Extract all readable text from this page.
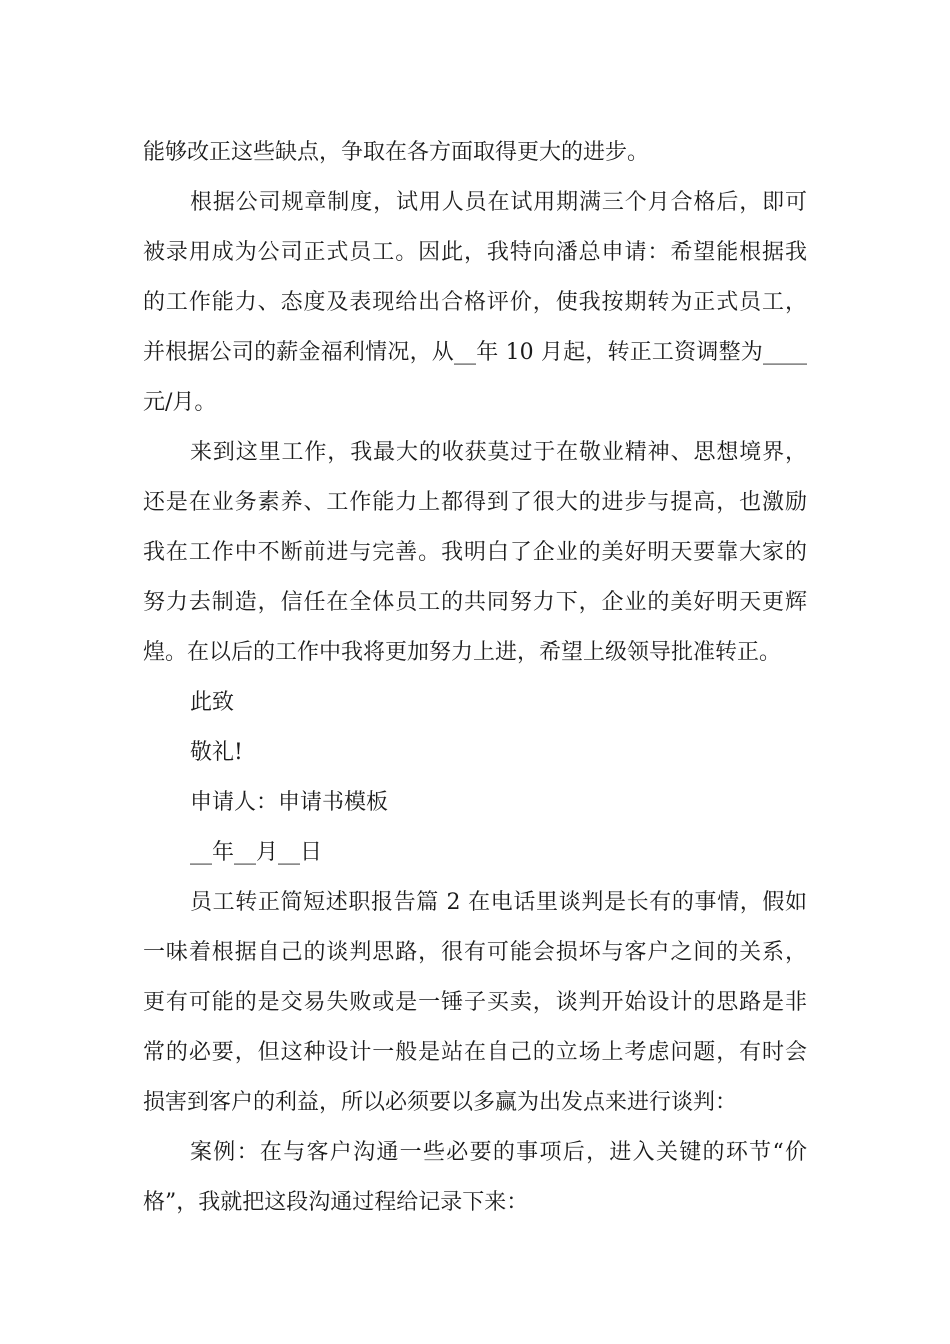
能够改正这些缺点，争取在各方面取得更大的进步。
根据公司规章制度，试用人员在试用期满三个月合格后，即可
被录用成为公司正式员工。因此，我特向潘总申请：希望能根据我
的工作能力、态度及表现给出合格评价，使我按期转为正式员工，
并根据公司的薪金福利情况，从__年 10 月起，转正工资调整为____
元/月。
来到这里工作，我最大的收获莫过于在敬业精神、思想境界，
还是在业务素养、工作能力上都得到了很大的进步与提高，也激励
我在工作中不断前进与完善。我明白了企业的美好明天要靠大家的
努力去制造，信任在全体员工的共同努力下，企业的美好明天更辉
煌。在以后的工作中我将更加努力上进，希望上级领导批准转正。
此致
敬礼!
申请人：申请书模板
__年__月__日
员工转正简短述职报告篇 2 在电话里谈判是长有的事情，假如
一味着根据自己的谈判思路，很有可能会损坏与客户之间的关系，
更有可能的是交易失败或是一锤子买卖，谈判开始设计的思路是非
常的必要，但这种设计一般是站在自己的立场上考虑问题，有时会
损害到客户的利益，所以必须要以多赢为出发点来进行谈判：
案例：在与客户沟通一些必要的事项后，进入关键的环节“价
格”，我就把这段沟通过程给记录下来：
